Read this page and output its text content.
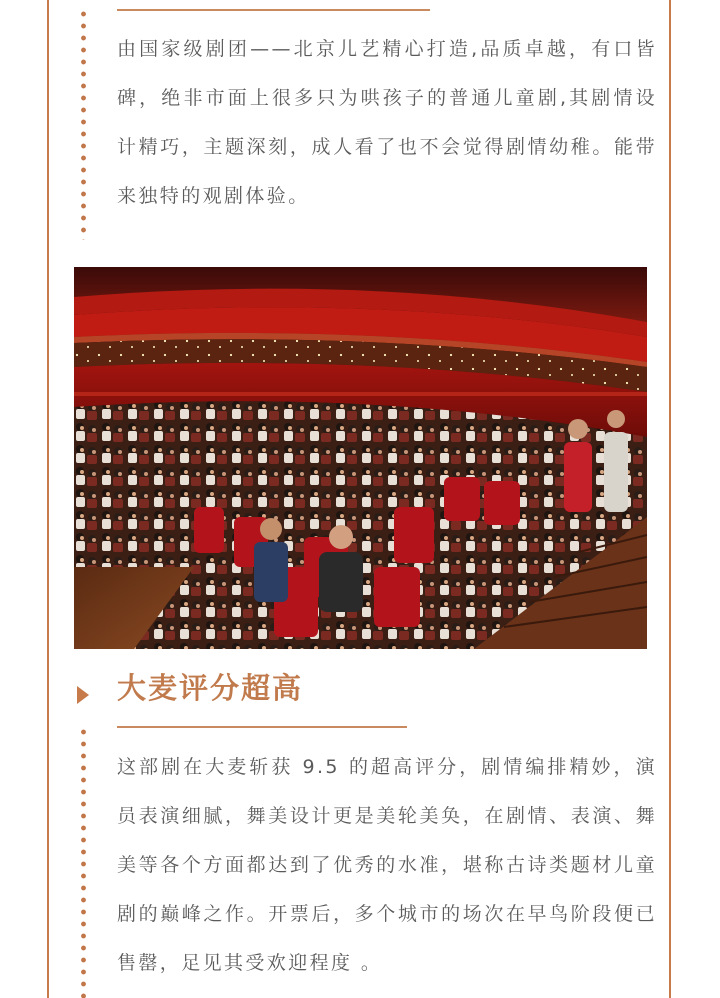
由国家级剧团——北京儿艺精心打造,品质卓越，有口皆碑，绝非市面上很多只为哄孩子的普通儿童剧,其剧情设计精巧，主题深刻，成人看了也不会觉得剧情幼稚。能带来独特的观剧体验。

大麦评分超高

这部剧在大麦斩获 9.5 的超高评分，剧情编排精妙，演员表演细腻，舞美设计更是美轮美奂，在剧情、表演、舞美等各个方面都达到了优秀的水准，堪称古诗类题材儿童剧的巅峰之作。开票后，多个城市的场次在早鸟阶段便已售罄，足见其受欢迎程度 。
